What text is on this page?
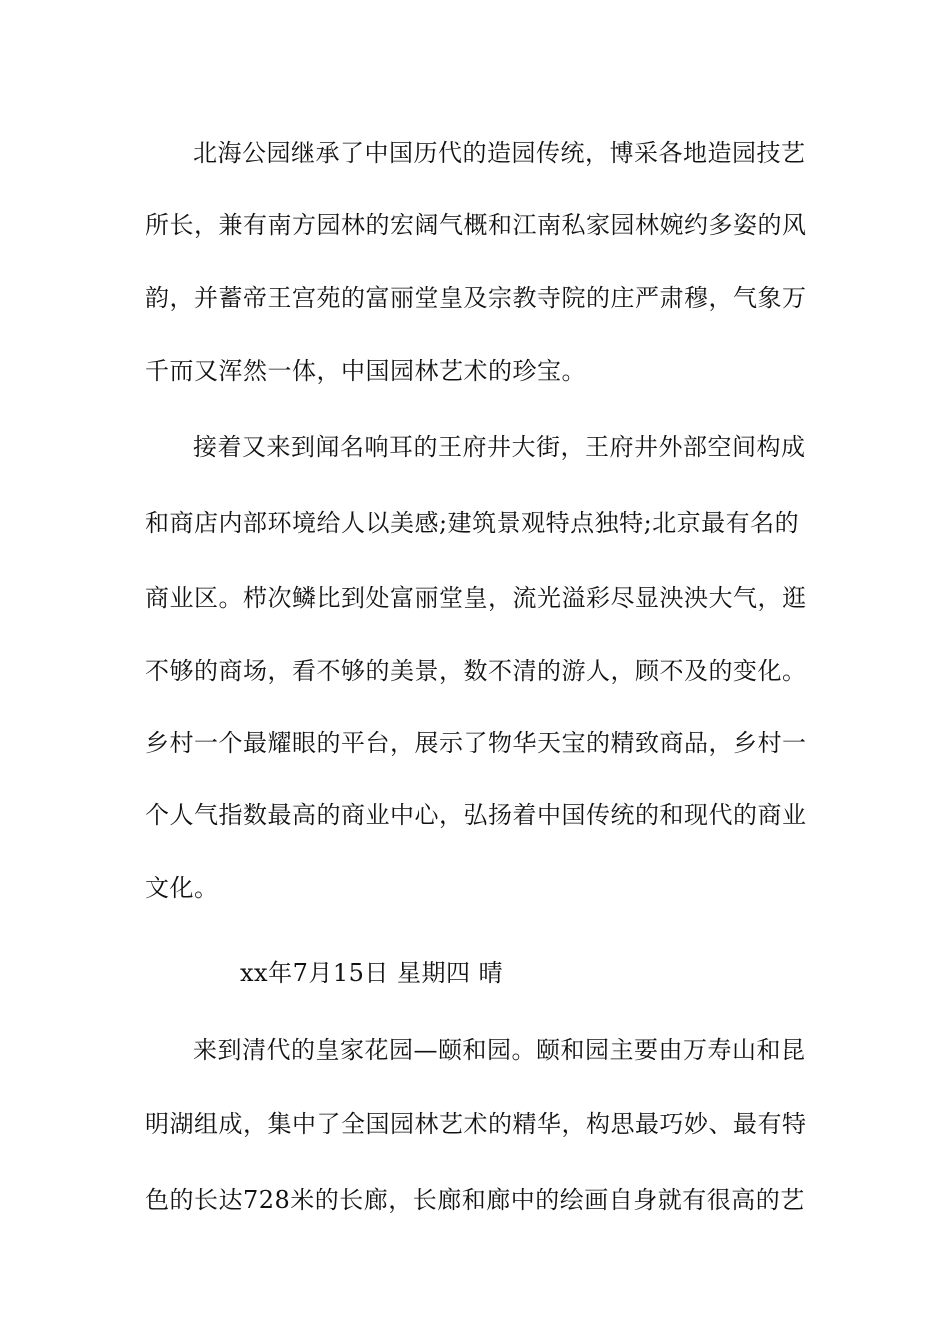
北海公园继承了中国历代的造园传统，博采各地造园技艺
所长，兼有南方园林的宏阔气概和江南私家园林婉约多姿的风
韵，并蓄帝王宫苑的富丽堂皇及宗教寺院的庄严肃穆，气象万
千而又浑然一体，中国园林艺术的珍宝。
接着又来到闻名响耳的王府井大街，王府井外部空间构成
和商店内部环境给人以美感;建筑景观特点独特;北京最有名的
商业区。栉次鳞比到处富丽堂皇，流光溢彩尽显泱泱大气，逛
不够的商场，看不够的美景，数不清的游人，顾不及的变化。
乡村一个最耀眼的平台，展示了物华天宝的精致商品，乡村一
个人气指数最高的商业中心，弘扬着中国传统的和现代的商业
文化。
xx年7月15日 星期四 晴
来到清代的皇家花园—颐和园。颐和园主要由万寿山和昆
明湖组成，集中了全国园林艺术的精华，构思最巧妙、最有特
色的长达728米的长廊，长廊和廊中的绘画自身就有很高的艺
